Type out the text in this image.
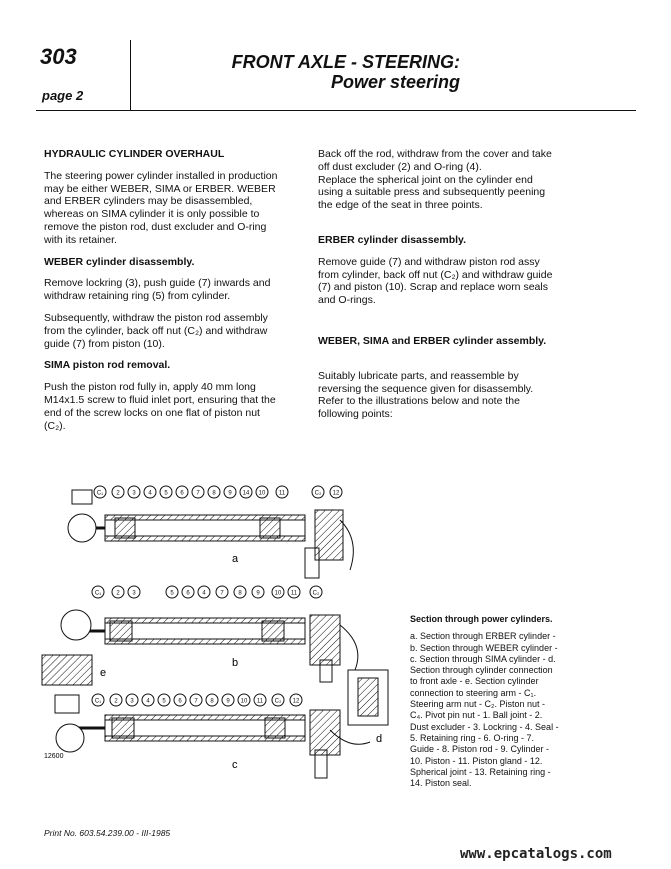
303
page 2
FRONT AXLE - STEERING:
Power steering
HYDRAULIC CYLINDER OVERHAUL

The steering power cylinder installed in production may be either WEBER, SIMA or ERBER. WEBER and ERBER cylinders may be disassembled, whereas on SIMA cylinder it is only possible to remove the piston rod, dust excluder and O-ring with its retainer.

WEBER cylinder disassembly.

Remove lockring (3), push guide (7) inwards and withdraw retaining ring (5) from cylinder.

Subsequently, withdraw the piston rod assembly from the cylinder, back off nut (C₂) and withdraw guide (7) from piston (10).

SIMA piston rod removal.

Push the piston rod fully in, apply 40 mm long M14x1.5 screw to fluid inlet port, ensuring that the end of the screw locks on one flat of piston nut (C₂).

Back off the rod, withdraw from the cover and take off dust excluder (2) and O-ring (4).

Replace the spherical joint on the cylinder end using a suitable press and subsequently peening the edge of the seat in three points.

ERBER cylinder disassembly.

Remove guide (7) and withdraw piston rod assy from cylinder, back off nut (C₂) and withdraw guide (7) and piston (10). Scrap and replace worn seals and O-rings.

WEBER, SIMA and ERBER cylinder assembly.

Suitably lubricate parts, and reassemble by reversing the sequence given for disassembly. Refer to the illustrations below and note the following points:

C₁ 2 3 4 5 6 7 8 9 14 10 11	C₂ 12
C₁	2 3	5 6 4 7 8 9 10 11	C₂
C₁ 2 3 4 5 6 7 8 9 10 11 C₂ 12
a
b
c
d
e
12600
Section through power cylinders.
a. Section through ERBER cylinder - b. Section through WEBER cylinder - c. Section through SIMA cylinder - d. Section through cylinder connection to front axle - e. Section cylinder connection to steering arm - C₁. Steering arm nut - C₂. Piston nut - C₄. Pivot pin nut - 1. Ball joint - 2. Dust excluder - 3. Lockring - 4. Seal - 5. Retaining ring - 6. O-ring - 7. Guide - 8. Piston rod - 9. Cylinder - 10. Piston - 11. Piston gland - 12. Spherical joint - 13. Retaining ring - 14. Piston seal.
Print No. 603.54.239.00 - III-1985
www.epcatalogs.com
